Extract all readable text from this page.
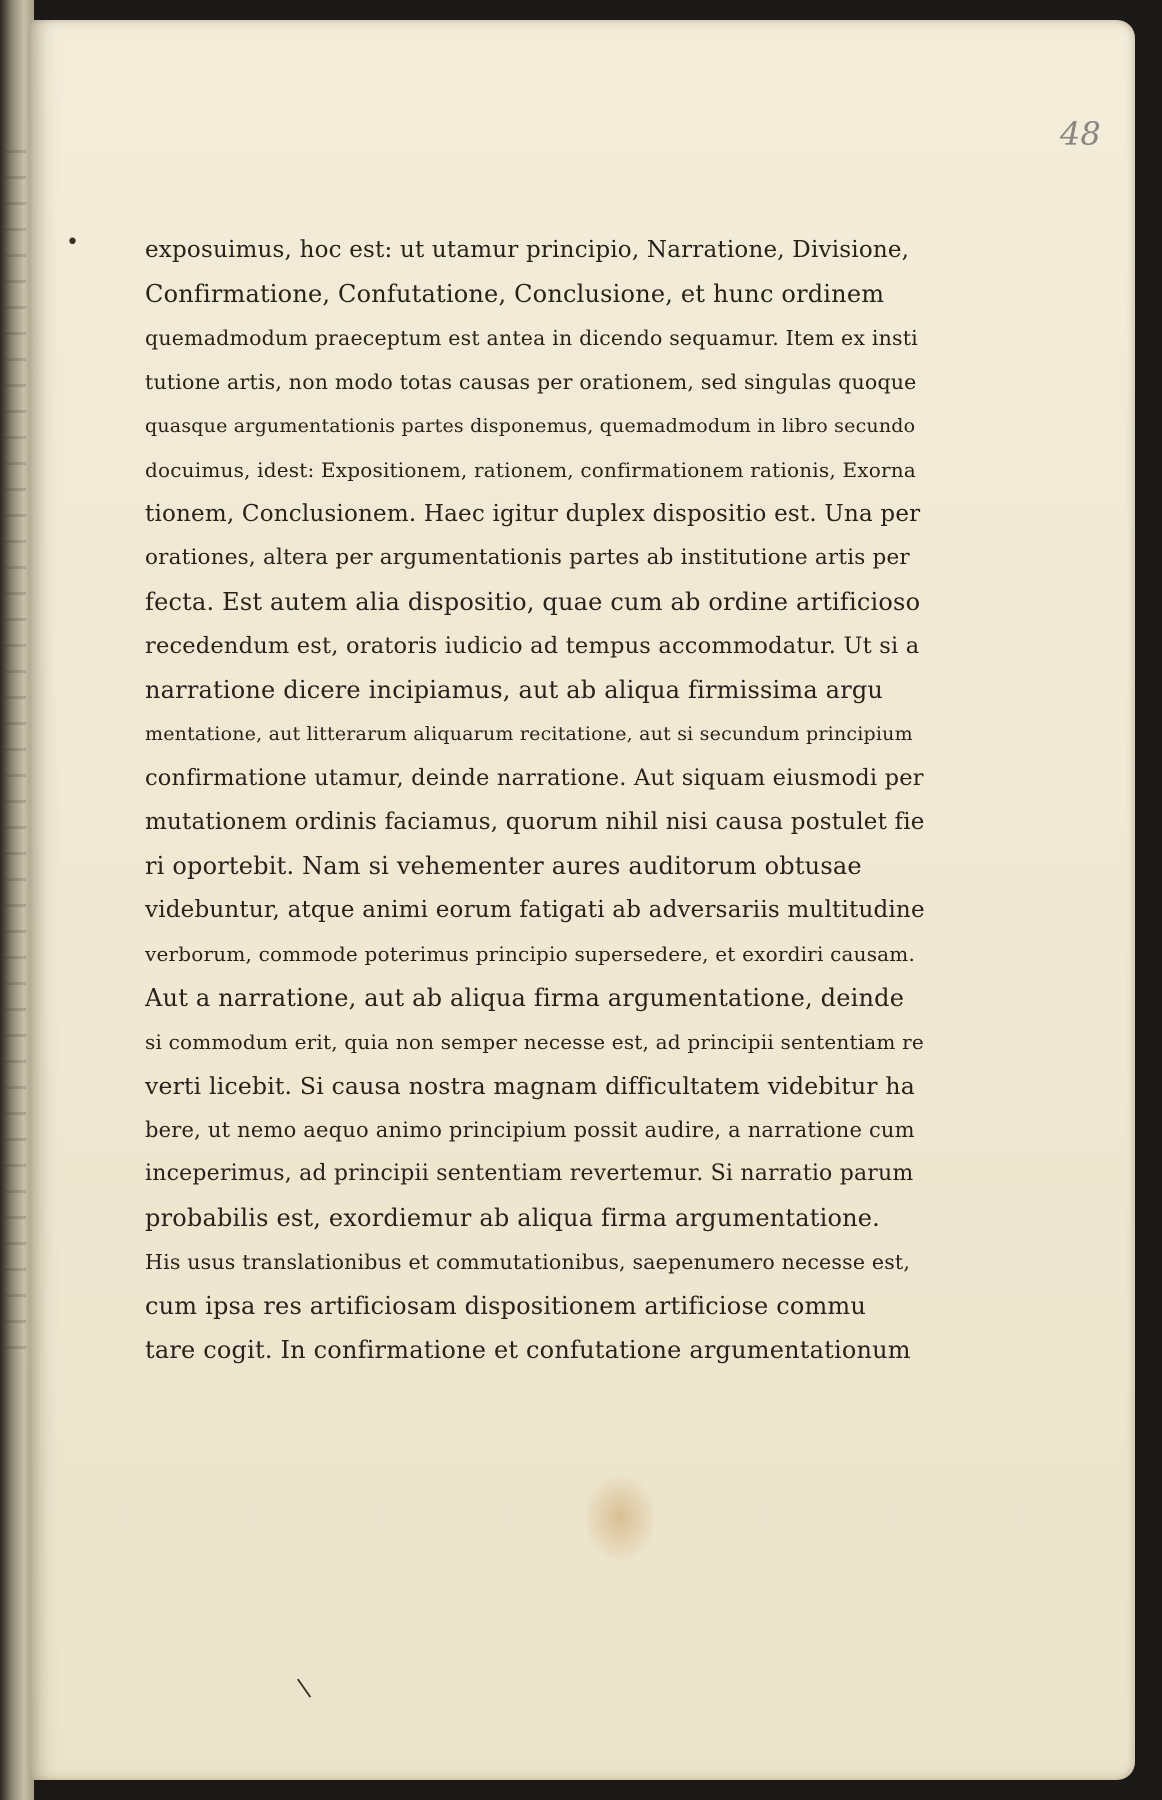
48
exposuimus, hoc est: ut utamur principio, Narratione, Divisione,
Confirmatione, Confutatione, Conclusione, et hunc ordinem
quemadmodum praeceptum est antea in dicendo sequamur. Item ex insti
tutione artis, non modo totas causas per orationem, sed singulas quoque
quasque argumentationis partes disponemus, quemadmodum in libro secundo
docuimus, idest: Expositionem, rationem, confirmationem rationis, Exorna
tionem, Conclusionem. Haec igitur duplex dispositio est. Una per
orationes, altera per argumentationis partes ab institutione artis per
fecta. Est autem alia dispositio, quae cum ab ordine artificioso
recedendum est, oratoris iudicio ad tempus accommodatur. Ut si a
narratione dicere incipiamus, aut ab aliqua firmissima argu
mentatione, aut litterarum aliquarum recitatione, aut si secundum principium
confirmatione utamur, deinde narratione. Aut siquam eiusmodi per
mutationem ordinis faciamus, quorum nihil nisi causa postulet fie
ri oportebit. Nam si vehementer aures auditorum obtusae
videbuntur, atque animi eorum fatigati ab adversariis multitudine
verborum, commode poterimus principio supersedere, et exordiri causam.
Aut a narratione, aut ab aliqua firma argumentatione, deinde
si commodum erit, quia non semper necesse est, ad principii sententiam re
verti licebit. Si causa nostra magnam difficultatem videbitur ha
bere, ut nemo aequo animo principium possit audire, a narratione cum
inceperimus, ad principii sententiam revertemur. Si narratio parum
probabilis est, exordiemur ab aliqua firma argumentatione.
His usus translationibus et commutationibus, saepenumero necesse est,
cum ipsa res artificiosam dispositionem artificiose commu
tare cogit. In confirmatione et confutatione argumentationum
•
|
